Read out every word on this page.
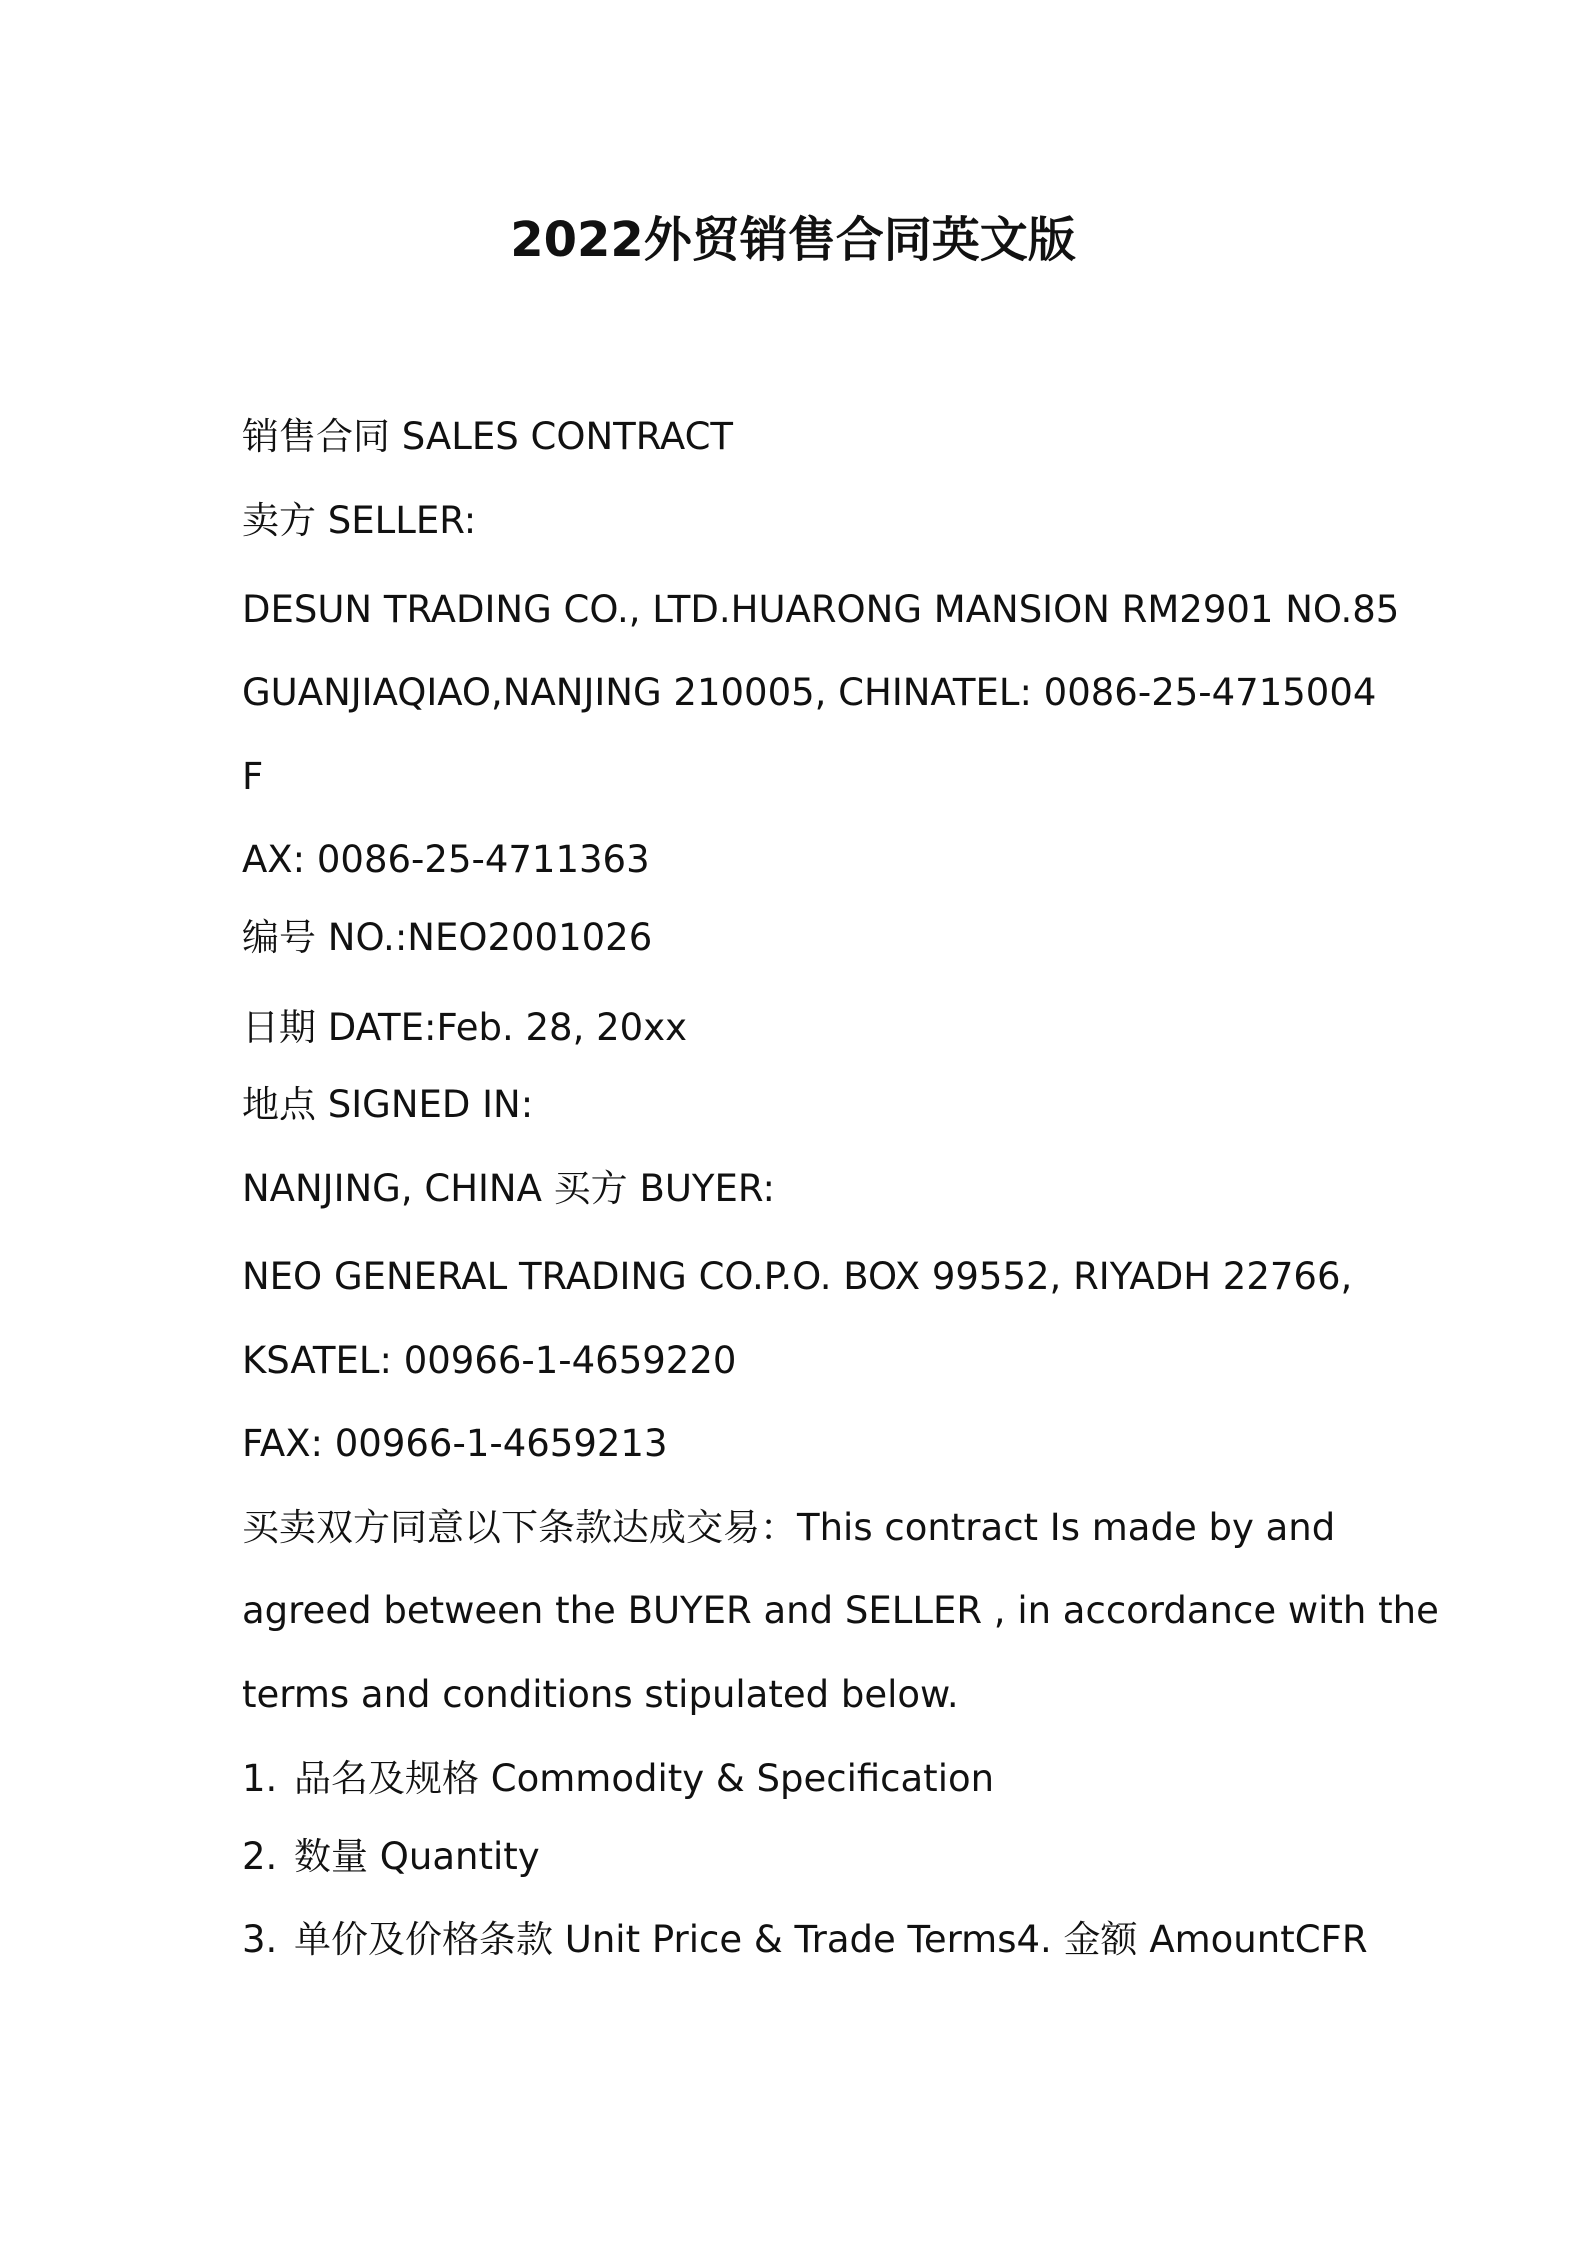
2022外贸销售合同英文版
销售合同 SALES CONTRACT
卖方 SELLER:
DESUN TRADING CO., LTD.HUARONG MANSION RM2901 NO.85
GUANJIAQIAO,NANJING 210005, CHINATEL: 0086-25-4715004
F
AX: 0086-25-4711363
编号 NO.:NEO2001026
日期 DATE:Feb. 28, 20xx
地点 SIGNED IN:
NANJING, CHINA 买方 BUYER:
NEO GENERAL TRADING CO.P.O. BOX 99552, RIYADH 22766,
KSATEL: 00966-1-4659220
FAX: 00966-1-4659213
买卖双方同意以下条款达成交易：This contract Is made by and
agreed between the BUYER and SELLER , in accordance with the
terms and conditions stipulated below.
1. 品名及规格 Commodity & Specification
2. 数量 Quantity
3. 单价及价格条款 Unit Price & Trade Terms4. 金额 AmountCFR
